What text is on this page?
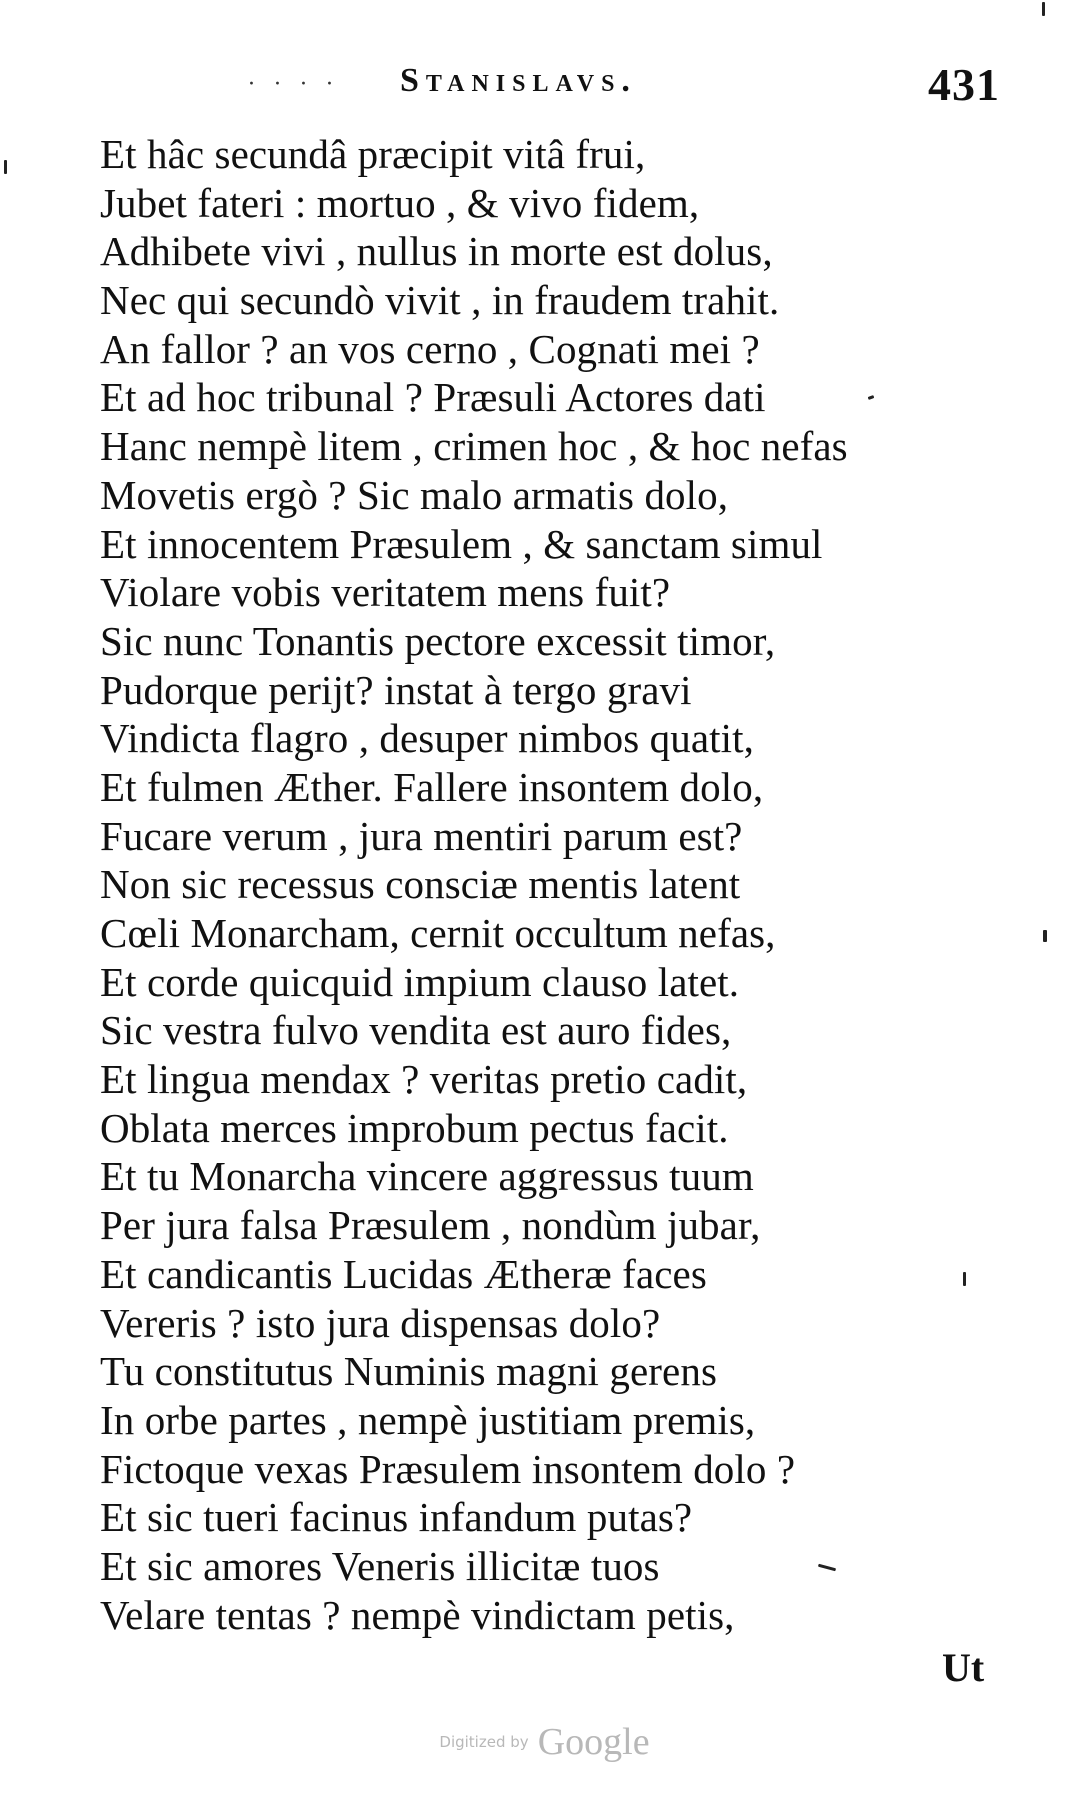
· · · · Stanislavs.	431
Et hâc secundâ præcipit vitâ frui,
Jubet fateri : mortuo , & vivo fidem,
Adhibete vivi , nullus in morte est dolus,
Nec qui secundò vivit , in fraudem trahit.
An fallor ? an vos cerno , Cognati mei ?
Et ad hoc tribunal ? Præsuli Actores dati
Hanc nempè litem , crimen hoc , & hoc nefas
Movetis ergò ? Sic malo armatis dolo,
Et innocentem Præsulem , & sanctam simul
Violare vobis veritatem mens fuit?
Sic nunc Tonantis pectore excessit timor,
Pudorque perijt? instat à tergo gravi
Vindicta flagro , desuper nimbos quatit,
Et fulmen Æther. Fallere insontem dolo,
Fucare verum , jura mentiri parum est?
Non sic recessus consciæ mentis latent
Cœli Monarcham, cernit occultum nefas,
Et corde quicquid impium clauso latet.
Sic vestra fulvo vendita est auro fides,
Et lingua mendax ? veritas pretio cadit,
Oblata merces improbum pectus facit.
Et tu Monarcha vincere aggressus tuum
Per jura falsa Præsulem , nondùm jubar,
Et candicantis Lucidas Ætheræ faces
Vereris ? isto jura dispensas dolo?
Tu constitutus Numinis magni gerens
In orbe partes , nempè justitiam premis,
Fictoque vexas Præsulem insontem dolo ?
Et sic tueri facinus infandum putas?
Et sic amores Veneris illicitæ tuos
Velare tentas ? nempè vindictam petis,
Ut
Digitized by Google
